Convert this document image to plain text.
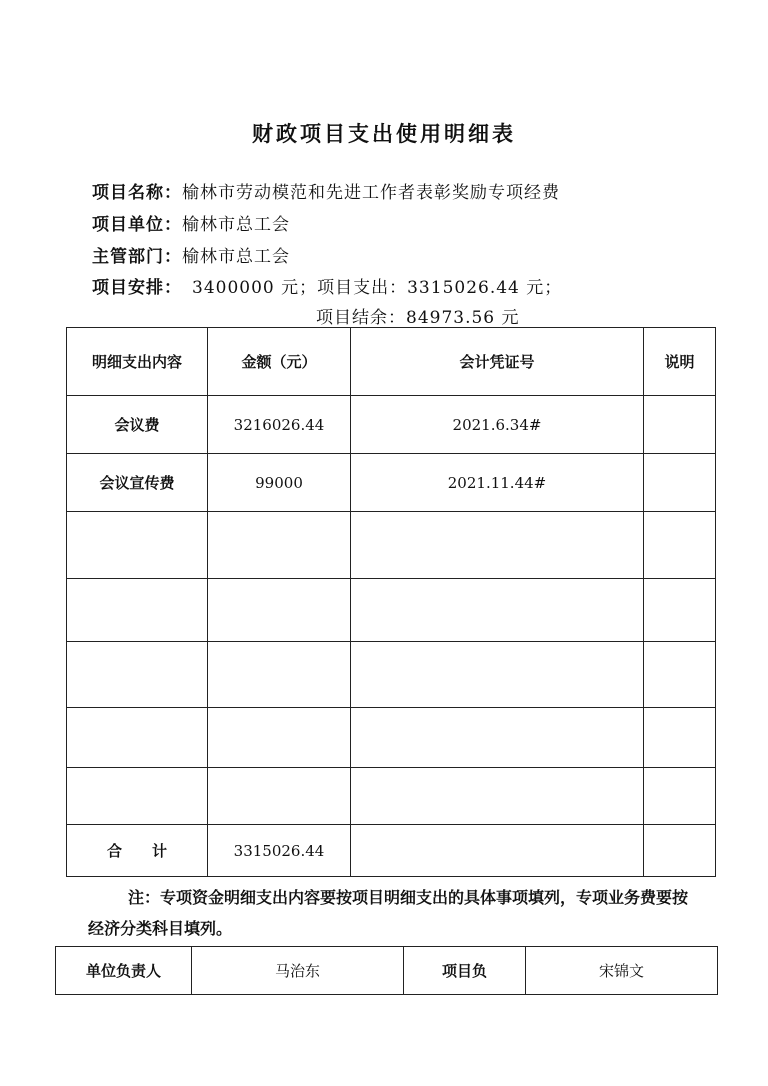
财政项目支出使用明细表
项目名称：榆林市劳动模范和先进工作者表彰奖励专项经费
项目单位：榆林市总工会
主管部门：榆林市总工会
项目安排： 3400000 元；项目支出：3315026.44 元；
项目结余：84973.56 元
明细支出内容	金额（元）	会计凭证号	说明
会议费	3216026.44	2021.6.34#	
会议宣传费	99000	2021.11.44#	

合　　计	3315026.44		
注：专项资金明细支出内容要按项目明细支出的具体事项填列，专项业务费要按经济分类科目填列。
单位负责人	马治东	项目负	宋锦文
